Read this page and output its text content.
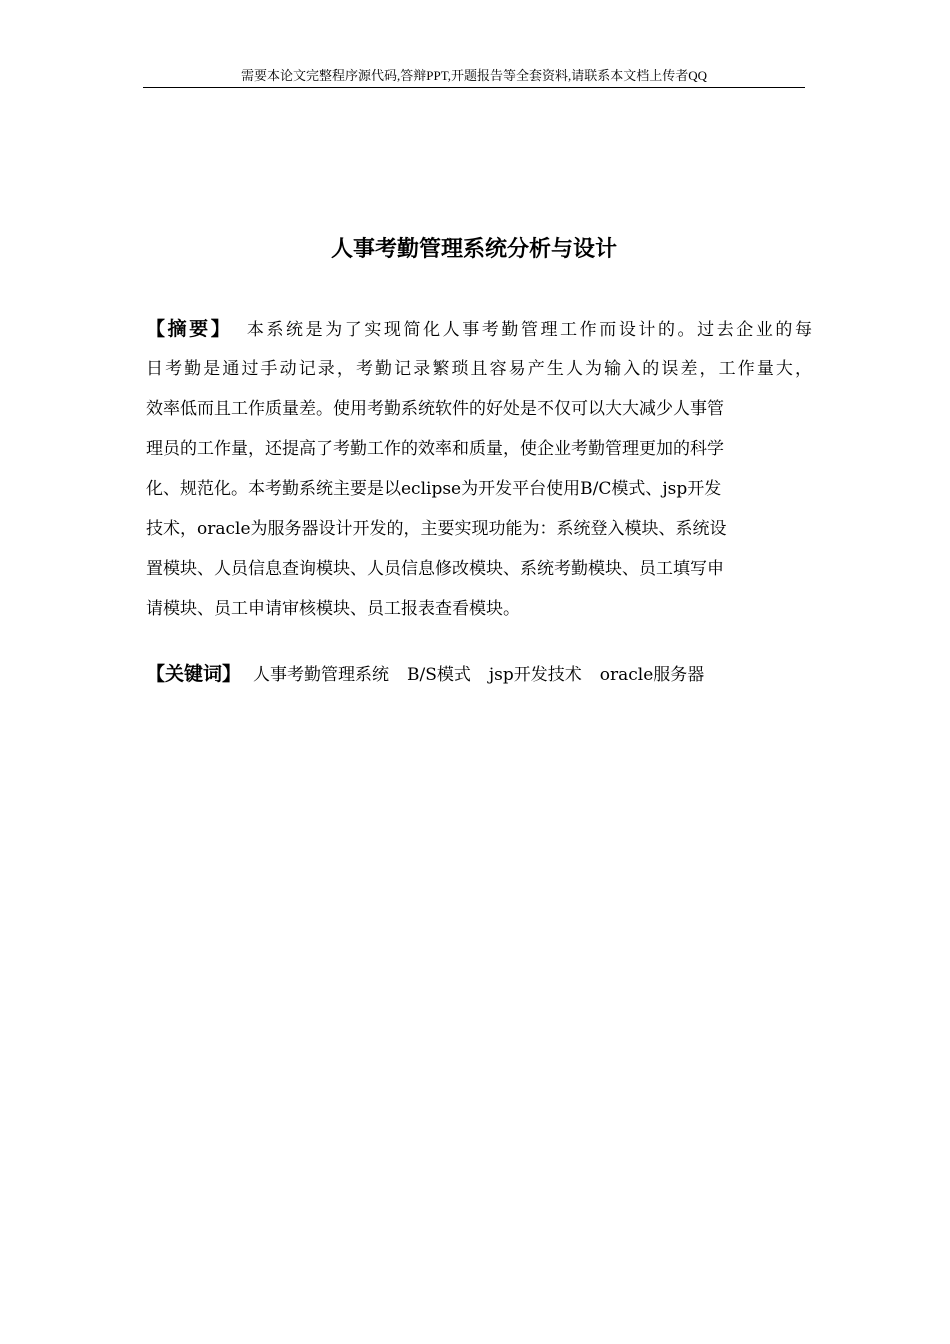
需要本论文完整程序源代码,答辩PPT,开题报告等全套资料,请联系本文档上传者QQ
人事考勤管理系统分析与设计
【摘要】 本系统是为了实现简化人事考勤管理工作而设计的。过去企业的每
日考勤是通过手动记录，考勤记录繁琐且容易产生人为输入的误差，工作量大，
效率低而且工作质量差。使用考勤系统软件的好处是不仅可以大大减少人事管
理员的工作量，还提高了考勤工作的效率和质量，使企业考勤管理更加的科学
化、规范化。本考勤系统主要是以eclipse为开发平台使用B/C模式、jsp开发
技术，oracle为服务器设计开发的，主要实现功能为：系统登入模块、系统设
置模块、人员信息查询模块、人员信息修改模块、系统考勤模块、员工填写申
请模块、员工申请审核模块、员工报表查看模块。
【关键词】 人事考勤管理系统 B/S模式 jsp开发技术 oracle服务器
